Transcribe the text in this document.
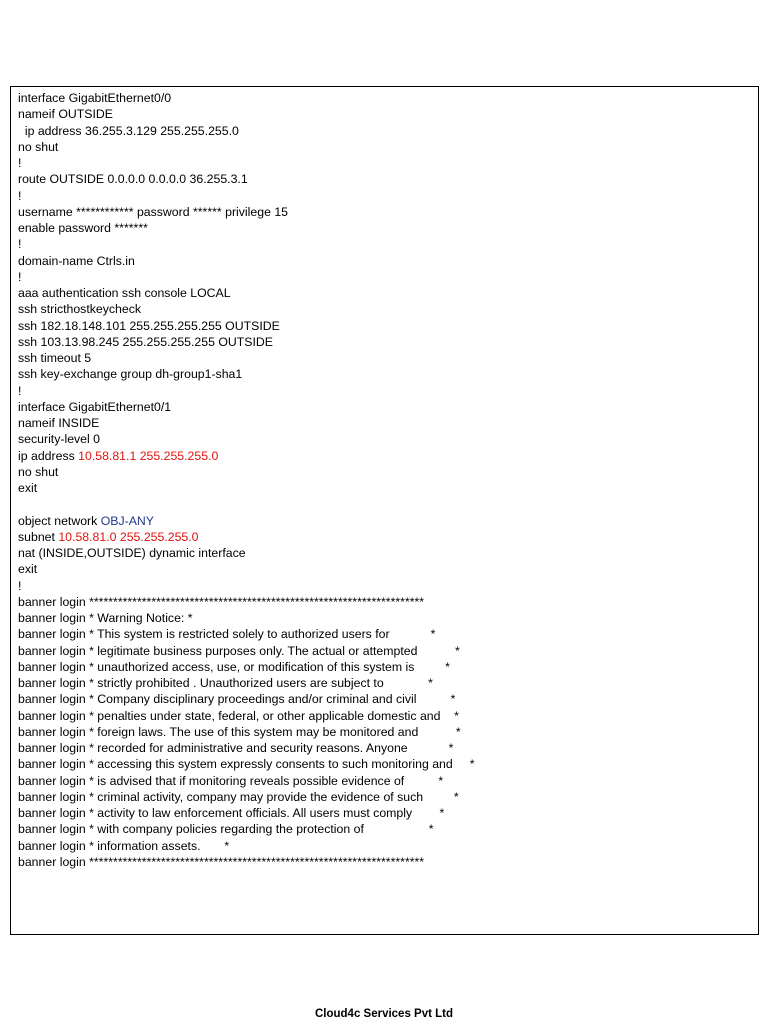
interface GigabitEthernet0/0
nameif OUTSIDE
ip address 36.255.3.129 255.255.255.0
no shut
!
route OUTSIDE 0.0.0.0 0.0.0.0 36.255.3.1
!
username ************ password ****** privilege 15
enable password *******
!
domain-name Ctrls.in
!
aaa authentication ssh console LOCAL
ssh stricthostkeycheck
ssh 182.18.148.101 255.255.255.255 OUTSIDE
ssh 103.13.98.245 255.255.255.255 OUTSIDE
ssh timeout 5
ssh key-exchange group dh-group1-sha1
!
interface GigabitEthernet0/1
nameif INSIDE
security-level 0
ip address 10.58.81.1 255.255.255.0
no shut
exit
object network OBJ-ANY
subnet 10.58.81.0 255.255.255.0
nat (INSIDE,OUTSIDE) dynamic interface
exit
!
banner login **********************************************************************
banner login * Warning Notice: *
banner login * This system is restricted solely to authorized users for            *
banner login * legitimate business purposes only. The actual or attempted           *
banner login * unauthorized access, use, or modification of this system is         *
banner login * strictly prohibited . Unauthorized users are subject to             *
banner login * Company disciplinary proceedings and/or criminal and civil          *
banner login * penalties under state, federal, or other applicable domestic and    *
banner login * foreign laws. The use of this system may be monitored and           *
banner login * recorded for administrative and security reasons. Anyone            *
banner login * accessing this system expressly consents to such monitoring and     *
banner login * is advised that if monitoring reveals possible evidence of          *
banner login * criminal activity, company may provide the evidence of such         *
banner login * activity to law enforcement officials. All users must comply        *
banner login * with company policies regarding the protection of                   *
banner login * information assets.       *
banner login **********************************************************************
Cloud4c Services Pvt Ltd
